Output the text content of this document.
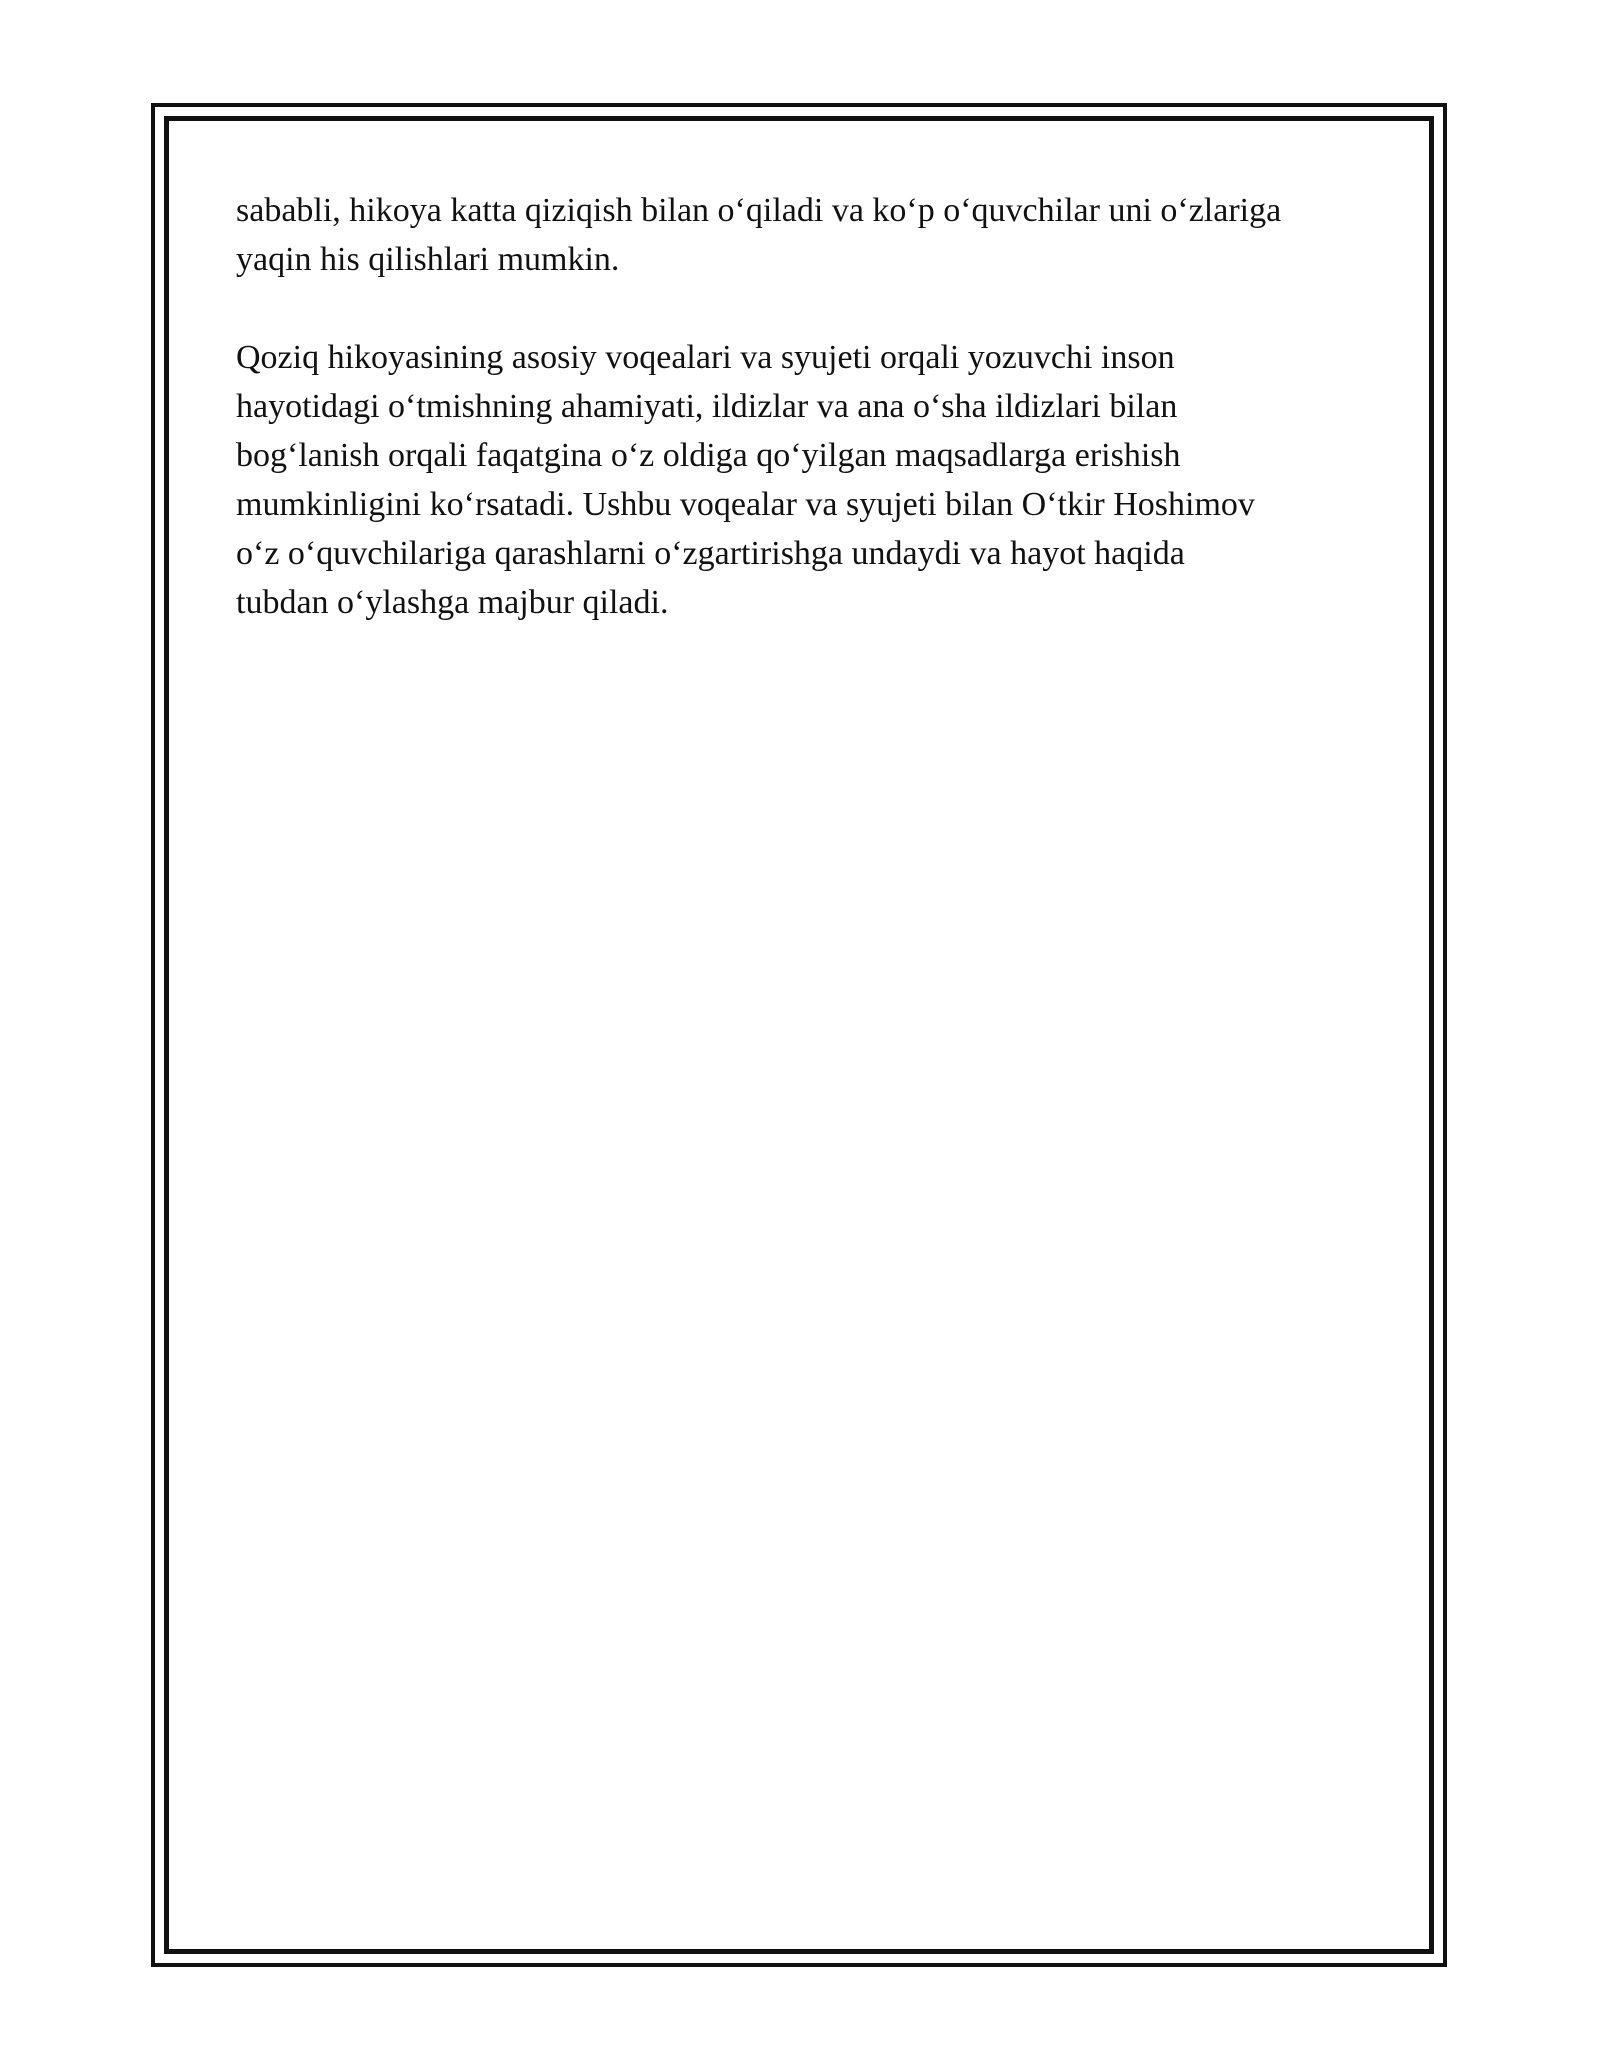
sababli, hikoya katta qiziqish bilan o‘qiladi va ko‘p o‘quvchilar uni o‘zlariga
yaqin his qilishlari mumkin.

Qoziq hikoyasining asosiy voqealari va syujeti orqali yozuvchi inson
hayotidagi o‘tmishning ahamiyati, ildizlar va ana o‘sha ildizlari bilan
bog‘lanish orqali faqatgina o‘z oldiga qo‘yilgan maqsadlarga erishish
mumkinligini ko‘rsatadi. Ushbu voqealar va syujeti bilan O‘tkir Hoshimov
o‘z o‘quvchilariga qarashlarni o‘zgartirishga undaydi va hayot haqida
tubdan o‘ylashga majbur qiladi.
